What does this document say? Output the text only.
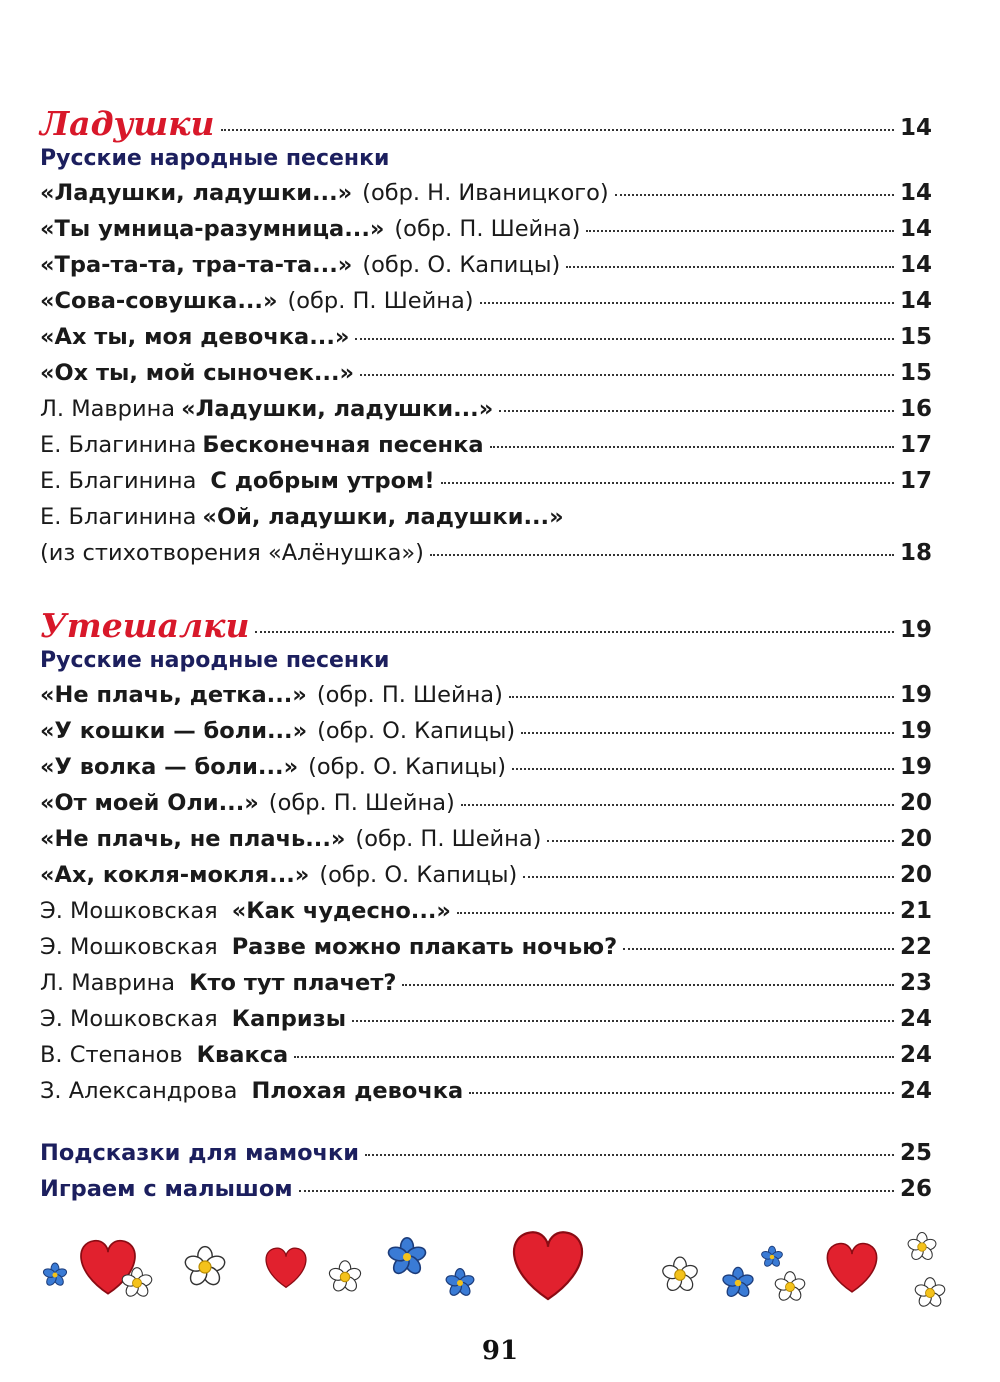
Ладушки	14
Русские народные песенки
«Ладушки, ладушки...» (обр. Н. Иваницкого)	14
«Ты умница-разумница...» (обр. П. Шейна)	14
«Тра-та-та, тра-та-та...» (обр. О. Капицы)	14
«Сова-совушка...» (обр. П. Шейна)	14
«Ах ты, моя девочка...»	15
«Ох ты, мой сыночек...»	15
Л. Маврина «Ладушки, ладушки...»	16
Е. Благинина Бесконечная песенка	17
Е. Благинина С добрым утром!	17
Е. Благинина «Ой, ладушки, ладушки...»
(из стихотворения «Алёнушка»)	18
Утешалки	19
Русские народные песенки
«Не плачь, детка...» (обр. П. Шейна)	19
«У кошки — боли...» (обр. О. Капицы)	19
«У волка — боли...» (обр. О. Капицы)	19
«От моей Оли...» (обр. П. Шейна)	20
«Не плачь, не плачь...» (обр. П. Шейна)	20
«Ах, кокля-мокля...» (обр. О. Капицы)	20
Э. Мошковская «Как чудесно...»	21
Э. Мошковская Разве можно плакать ночью?	22
Л. Маврина Кто тут плачет?	23
Э. Мошковская Капризы	24
В. Степанов Квакса	24
З. Александрова Плохая девочка	24
Подсказки для мамочки	25
Играем с малышом	26
91
